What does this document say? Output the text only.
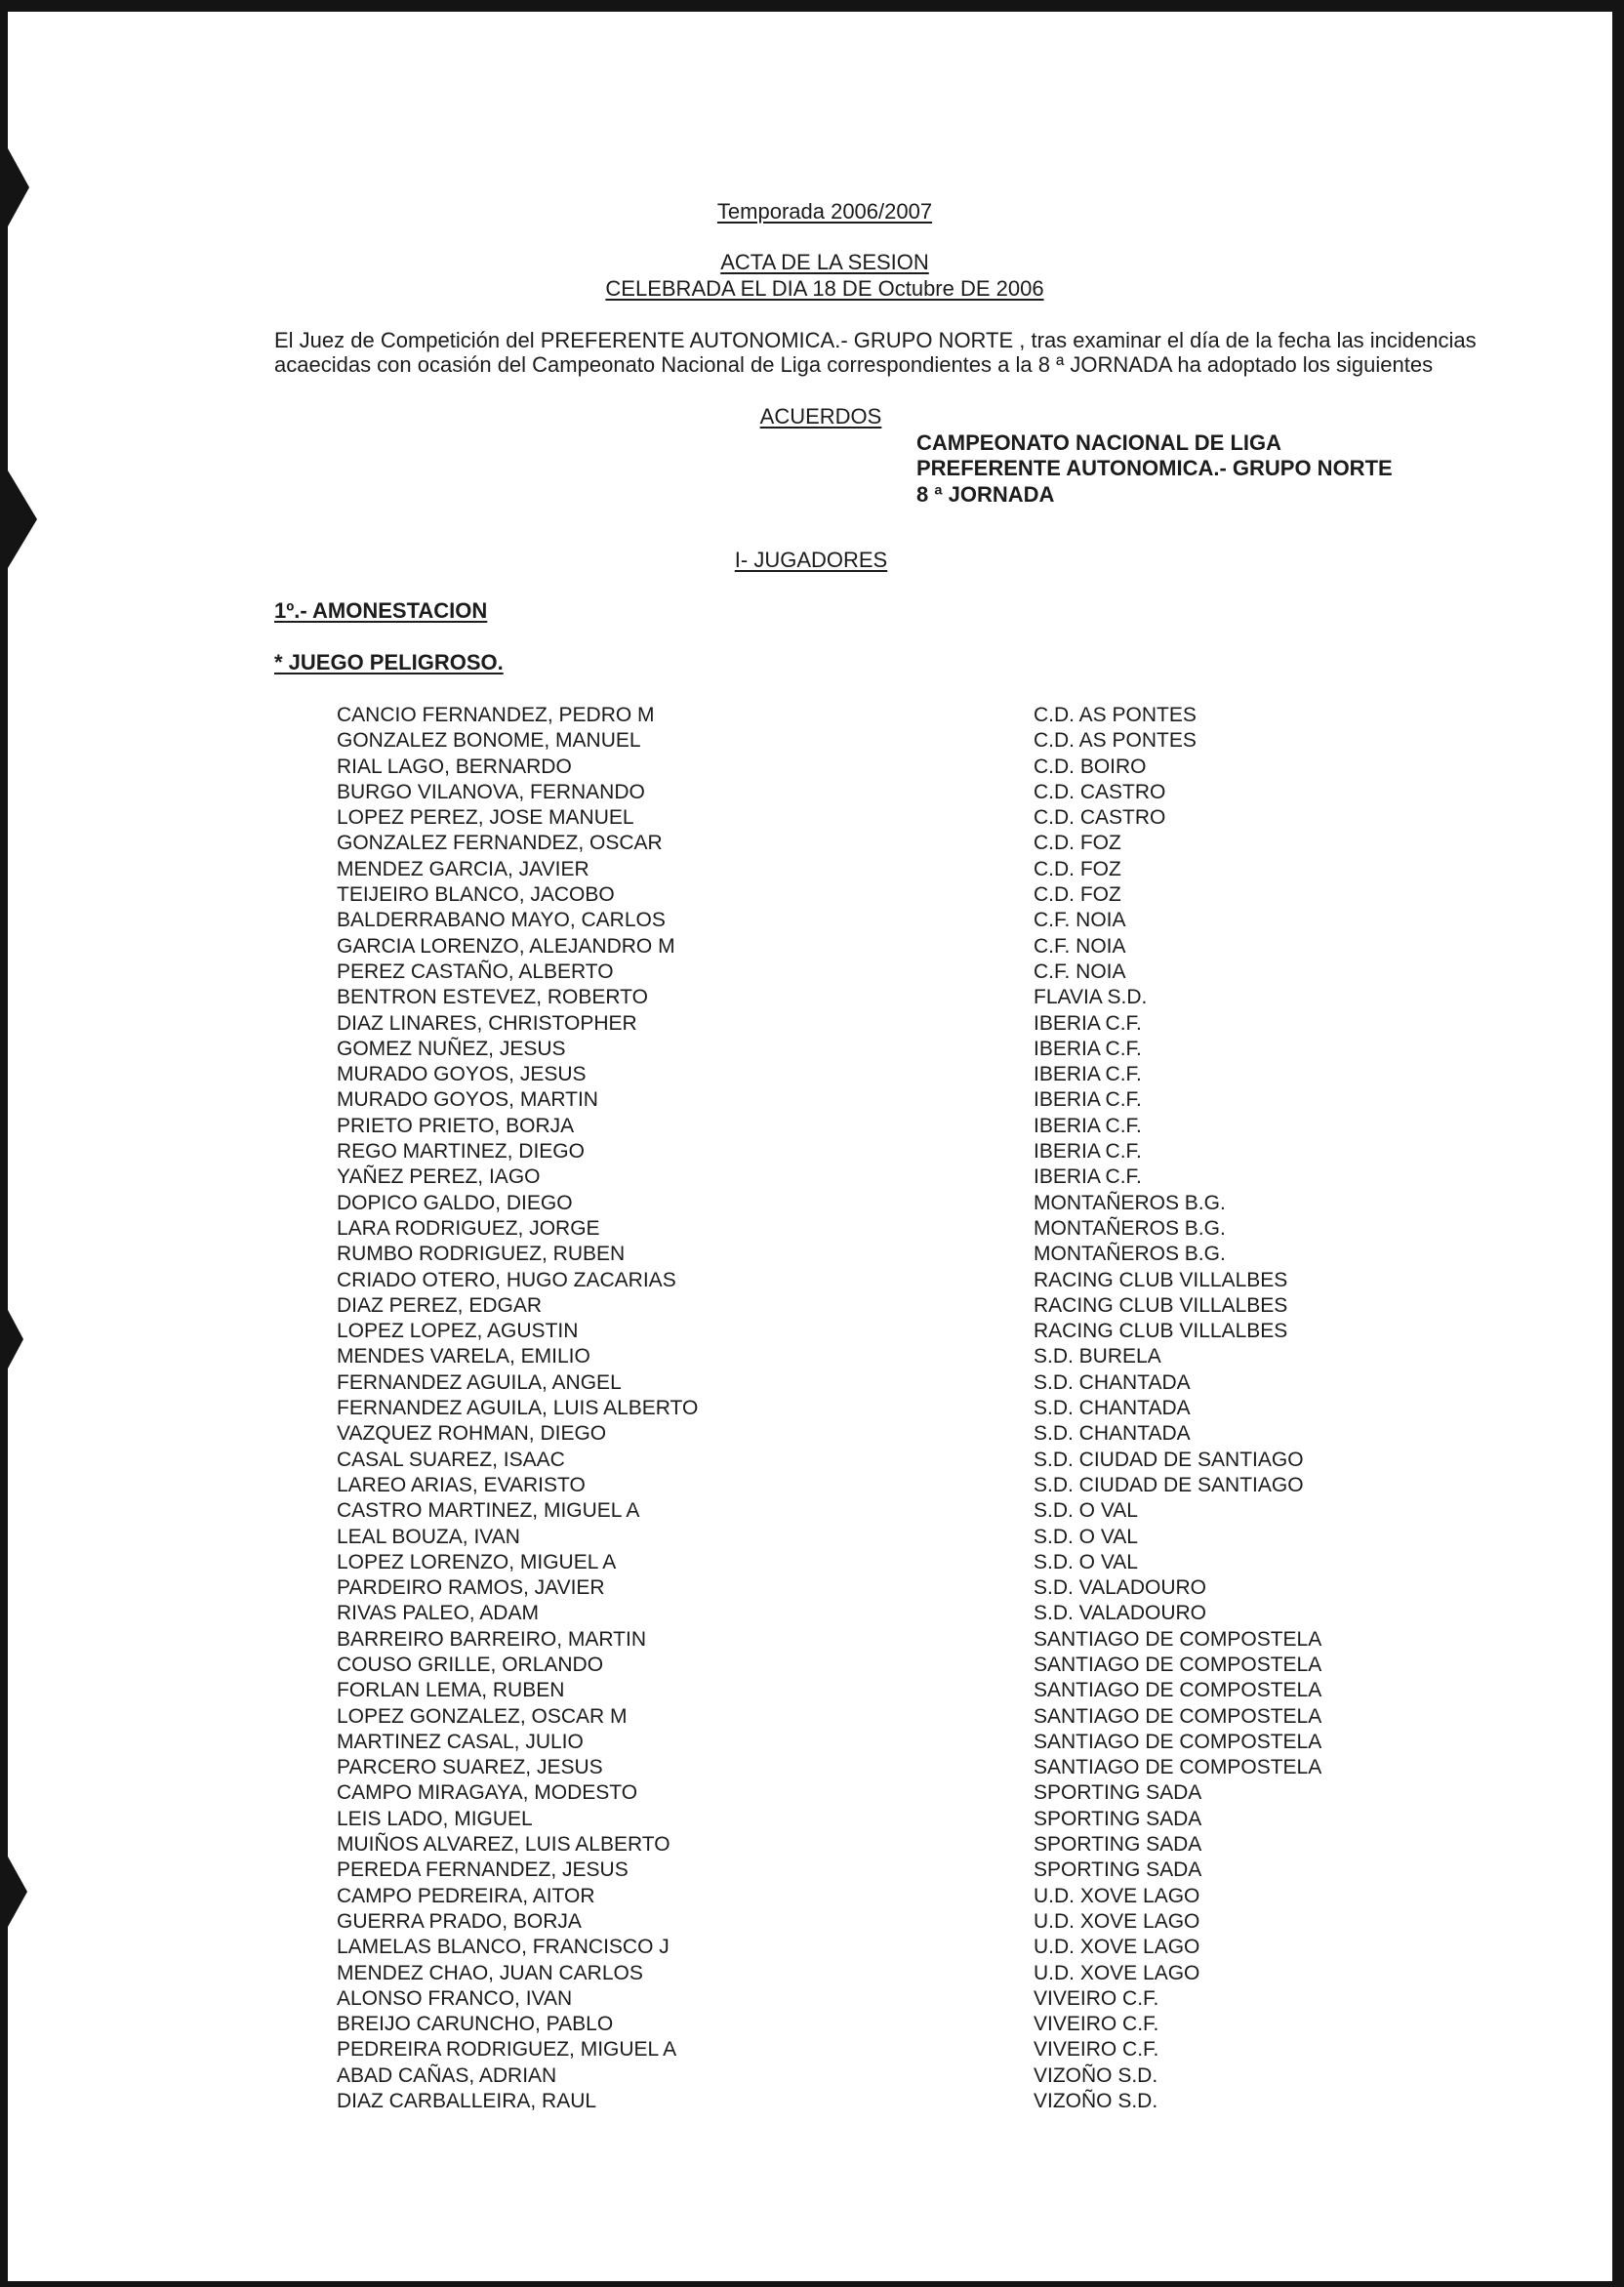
Temporada 2006/2007
ACTA DE LA SESION
CELEBRADA EL DIA 18 DE Octubre DE 2006
El Juez de Competición del PREFERENTE AUTONOMICA.- GRUPO NORTE , tras examinar el día de la fecha las incidencias
acaecidas con ocasión del Campeonato Nacional de Liga correspondientes a la 8 ª JORNADA ha adoptado los siguientes
ACUERDOS
CAMPEONATO NACIONAL DE LIGA
PREFERENTE AUTONOMICA.- GRUPO NORTE
8 ª JORNADA
I- JUGADORES
1º.- AMONESTACION
* JUEGO PELIGROSO.
CANCIO FERNANDEZ, PEDRO M	C.D. AS PONTES
GONZALEZ BONOME, MANUEL	C.D. AS PONTES
RIAL LAGO, BERNARDO	C.D. BOIRO
BURGO VILANOVA, FERNANDO	C.D. CASTRO
LOPEZ PEREZ, JOSE MANUEL	C.D. CASTRO
GONZALEZ FERNANDEZ, OSCAR	C.D. FOZ
MENDEZ GARCIA, JAVIER	C.D. FOZ
TEIJEIRO BLANCO, JACOBO	C.D. FOZ
BALDERRABANO MAYO, CARLOS	C.F. NOIA
GARCIA LORENZO, ALEJANDRO M	C.F. NOIA
PEREZ CASTAÑO, ALBERTO	C.F. NOIA
BENTRON ESTEVEZ, ROBERTO	FLAVIA S.D.
DIAZ LINARES, CHRISTOPHER	IBERIA C.F.
GOMEZ NUÑEZ, JESUS	IBERIA C.F.
MURADO GOYOS, JESUS	IBERIA C.F.
MURADO GOYOS, MARTIN	IBERIA C.F.
PRIETO PRIETO, BORJA	IBERIA C.F.
REGO MARTINEZ, DIEGO	IBERIA C.F.
YAÑEZ PEREZ, IAGO	IBERIA C.F.
DOPICO GALDO, DIEGO	MONTAÑEROS B.G.
LARA RODRIGUEZ, JORGE	MONTAÑEROS B.G.
RUMBO RODRIGUEZ, RUBEN	MONTAÑEROS B.G.
CRIADO OTERO, HUGO ZACARIAS	RACING CLUB VILLALBES
DIAZ PEREZ, EDGAR	RACING CLUB VILLALBES
LOPEZ LOPEZ, AGUSTIN	RACING CLUB VILLALBES
MENDES VARELA, EMILIO	S.D. BURELA
FERNANDEZ AGUILA, ANGEL	S.D. CHANTADA
FERNANDEZ AGUILA, LUIS ALBERTO	S.D. CHANTADA
VAZQUEZ ROHMAN, DIEGO	S.D. CHANTADA
CASAL SUAREZ, ISAAC	S.D. CIUDAD DE SANTIAGO
LAREO ARIAS, EVARISTO	S.D. CIUDAD DE SANTIAGO
CASTRO MARTINEZ, MIGUEL A	S.D. O VAL
LEAL BOUZA, IVAN	S.D. O VAL
LOPEZ LORENZO, MIGUEL A	S.D. O VAL
PARDEIRO RAMOS, JAVIER	S.D. VALADOURO
RIVAS PALEO, ADAM	S.D. VALADOURO
BARREIRO BARREIRO, MARTIN	SANTIAGO DE COMPOSTELA
COUSO GRILLE, ORLANDO	SANTIAGO DE COMPOSTELA
FORLAN LEMA, RUBEN	SANTIAGO DE COMPOSTELA
LOPEZ GONZALEZ, OSCAR M	SANTIAGO DE COMPOSTELA
MARTINEZ CASAL, JULIO	SANTIAGO DE COMPOSTELA
PARCERO SUAREZ, JESUS	SANTIAGO DE COMPOSTELA
CAMPO MIRAGAYA, MODESTO	SPORTING SADA
LEIS LADO, MIGUEL	SPORTING SADA
MUIÑOS ALVAREZ, LUIS ALBERTO	SPORTING SADA
PEREDA FERNANDEZ, JESUS	SPORTING SADA
CAMPO PEDREIRA, AITOR	U.D. XOVE LAGO
GUERRA PRADO, BORJA	U.D. XOVE LAGO
LAMELAS BLANCO, FRANCISCO J	U.D. XOVE LAGO
MENDEZ CHAO, JUAN CARLOS	U.D. XOVE LAGO
ALONSO FRANCO, IVAN	VIVEIRO C.F.
BREIJO CARUNCHO, PABLO	VIVEIRO C.F.
PEDREIRA RODRIGUEZ, MIGUEL A	VIVEIRO C.F.
ABAD CAÑAS, ADRIAN	VIZOÑO S.D.
DIAZ CARBALLEIRA, RAUL	VIZOÑO S.D.
